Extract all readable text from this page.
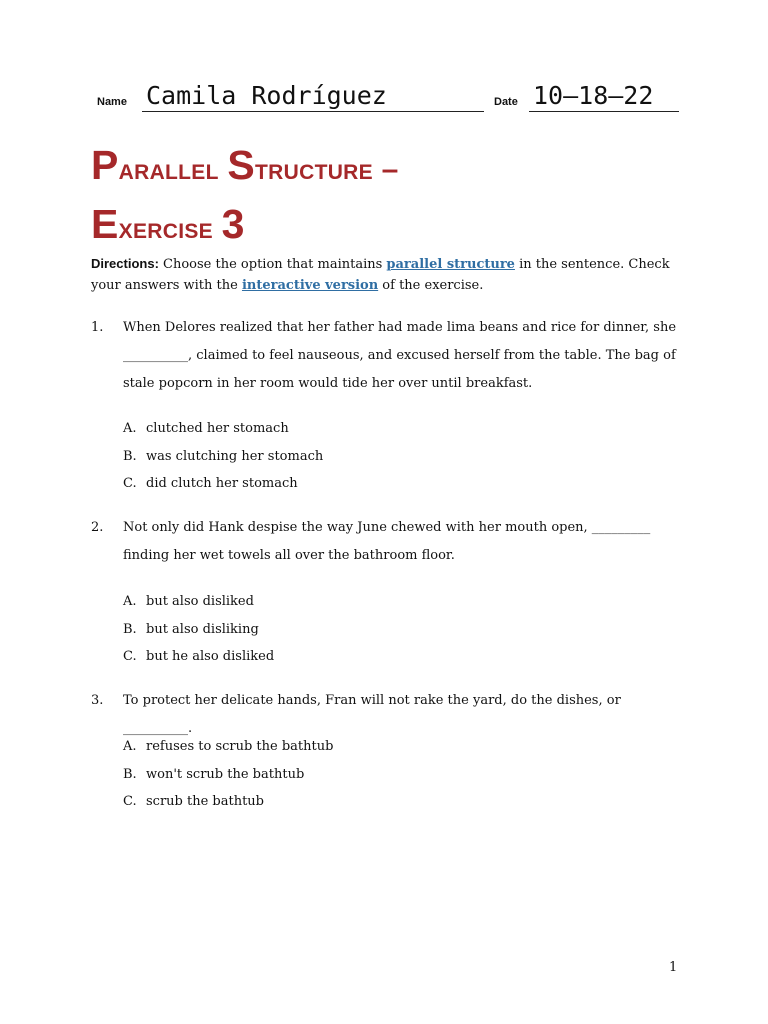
Name Camila Rodríguez	Date 10–18–22
Parallel Structure –
Exercise 3
Directions: Choose the option that maintains parallel structure in the sentence. Check your answers with the interactive version of the exercise.
1. When Delores realized that her father had made lima beans and rice for dinner, she __________, claimed to feel nauseous, and excused herself from the table. The bag of stale popcorn in her room would tide her over until breakfast.
A. clutched her stomach
B. was clutching her stomach
C. did clutch her stomach
2. Not only did Hank despise the way June chewed with her mouth open, _________ finding her wet towels all over the bathroom floor.
A. but also disliked
B. but also disliking
C. but he also disliked
3. To protect her delicate hands, Fran will not rake the yard, do the dishes, or __________.
A. refuses to scrub the bathtub
B. won't scrub the bathtub
C. scrub the bathtub
1
